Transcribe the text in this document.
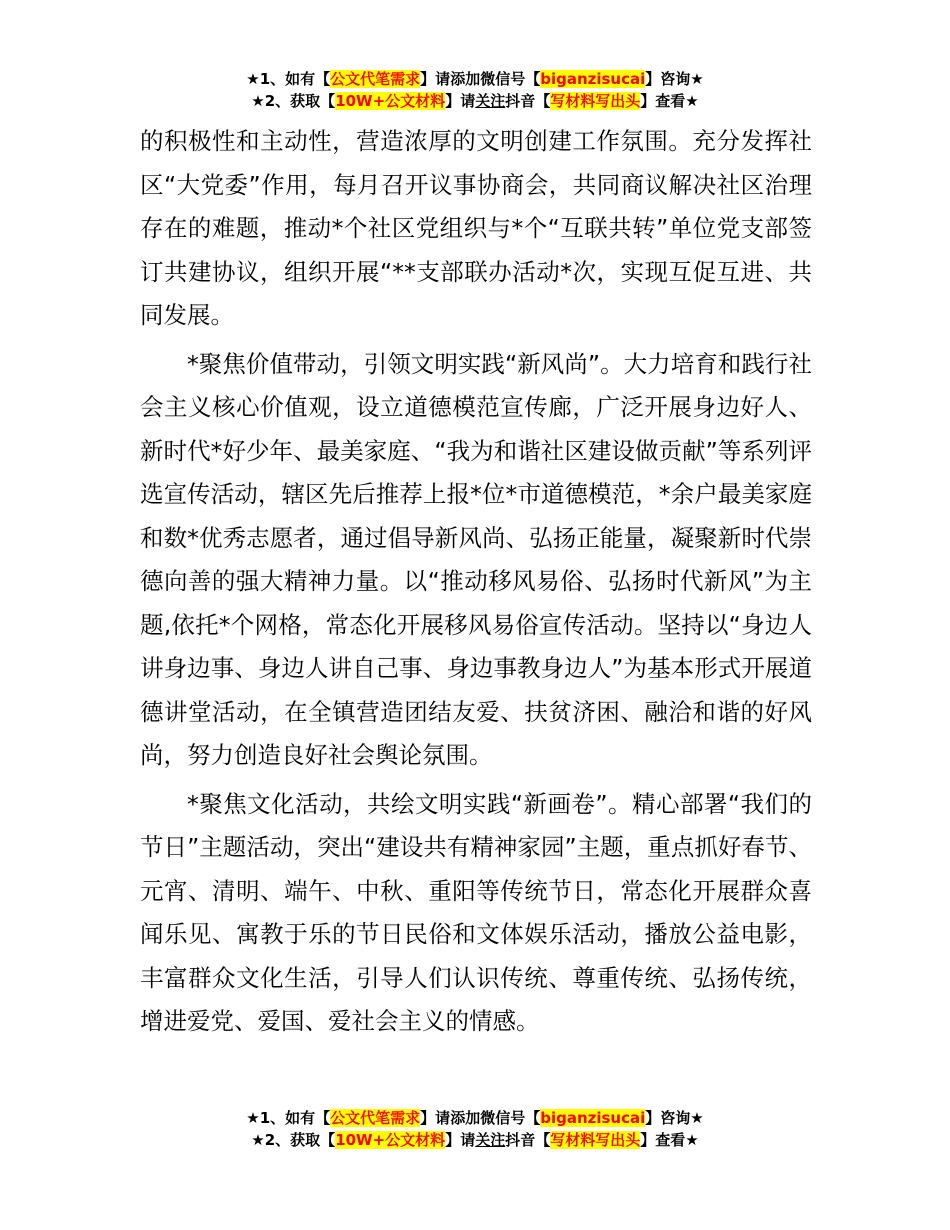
★1、如有【公文代笔需求】请添加微信号【biganzisucai】咨询★
★2、获取【10W+公文材料】请关注抖音【写材料写出头】查看★

的积极性和主动性，营造浓厚的文明创建工作氛围。充分发挥社区“大党委”作用，每月召开议事协商会，共同商议解决社区治理存在的难题，推动*个社区党组织与*个“互联共转”单位党支部签订共建协议，组织开展“**支部联办活动*次，实现互促互进、共同发展。

*聚焦价值带动，引领文明实践“新风尚”。大力培育和践行社会主义核心价值观，设立道德模范宣传廊，广泛开展身边好人、新时代*好少年、最美家庭、“我为和谐社区建设做贡献”等系列评选宣传活动，辖区先后推荐上报*位*市道德模范，*余户最美家庭和数*优秀志愿者，通过倡导新风尚、弘扬正能量，凝聚新时代崇德向善的强大精神力量。以“推动移风易俗、弘扬时代新风”为主题,依托*个网格，常态化开展移风易俗宣传活动。坚持以“身边人讲身边事、身边人讲自己事、身边事教身边人”为基本形式开展道德讲堂活动，在全镇营造团结友爱、扶贫济困、融洽和谐的好风尚，努力创造良好社会舆论氛围。

*聚焦文化活动，共绘文明实践“新画卷”。精心部署“我们的节日”主题活动，突出“建设共有精神家园”主题，重点抓好春节、元宵、清明、端午、中秋、重阳等传统节日，常态化开展群众喜闻乐见、寓教于乐的节日民俗和文体娱乐活动，播放公益电影，丰富群众文化生活，引导人们认识传统、尊重传统、弘扬传统，增进爱党、爱国、爱社会主义的情感。

★1、如有【公文代笔需求】请添加微信号【biganzisucai】咨询★
★2、获取【10W+公文材料】请关注抖音【写材料写出头】查看★
